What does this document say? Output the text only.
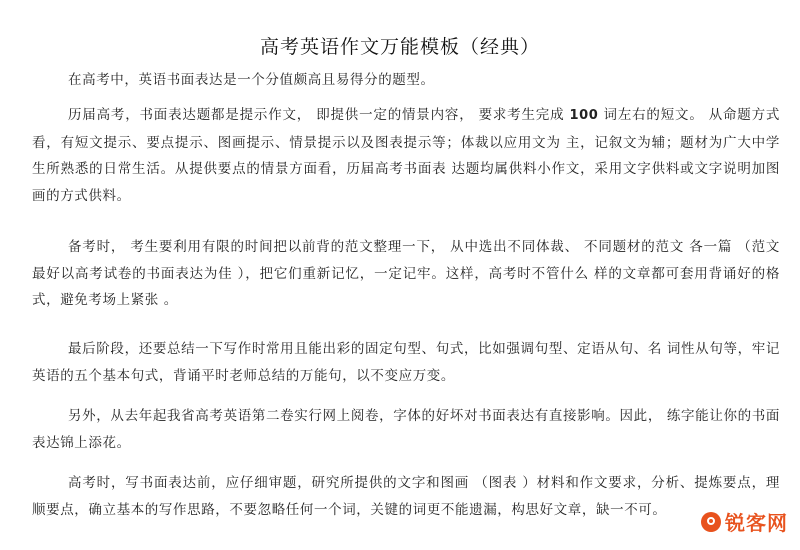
高考英语作文万能模板（经典）

在高考中，英语书面表达是一个分值颇高且易得分的题型。

历届高考，书面表达题都是提示作文， 即提供一定的情景内容， 要求考生完成 100 词左右的短文。 从命题方式看，有短文提示、要点提示、图画提示、情景提示以及图表提示等；体裁以应用文为 主，记叙文为辅；题材为广大中学生所熟悉的日常生活。从提供要点的情景方面看，历届高考书面表 达题均属供料小作文，采用文字供料或文字说明加图画的方式供料。

备考时， 考生要利用有限的时间把以前背的范文整理一下， 从中选出不同体裁、 不同题材的范文 各一篇 （范文最好以高考试卷的书面表达为佳 ），把它们重新记忆，一定记牢。这样，高考时不管什么 样的文章都可套用背诵好的格式，避免考场上紧张 。

最后阶段，还要总结一下写作时常用且能出彩的固定句型、句式，比如强调句型、定语从句、名 词性从句等，牢记英语的五个基本句式，背诵平时老师总结的万能句，以不变应万变。

另外，从去年起我省高考英语第二卷实行网上阅卷，字体的好坏对书面表达有直接影响。因此， 练字能让你的书面表达锦上添花。

高考时，写书面表达前，应仔细审题，研究所提供的文字和图画 （图表 ）材料和作文要求，分析、提炼要点，理顺要点，确立基本的写作思路，不要忽略任何一个词，关键的词更不能遗漏，构思好文章，缺一不可。

锐客网
